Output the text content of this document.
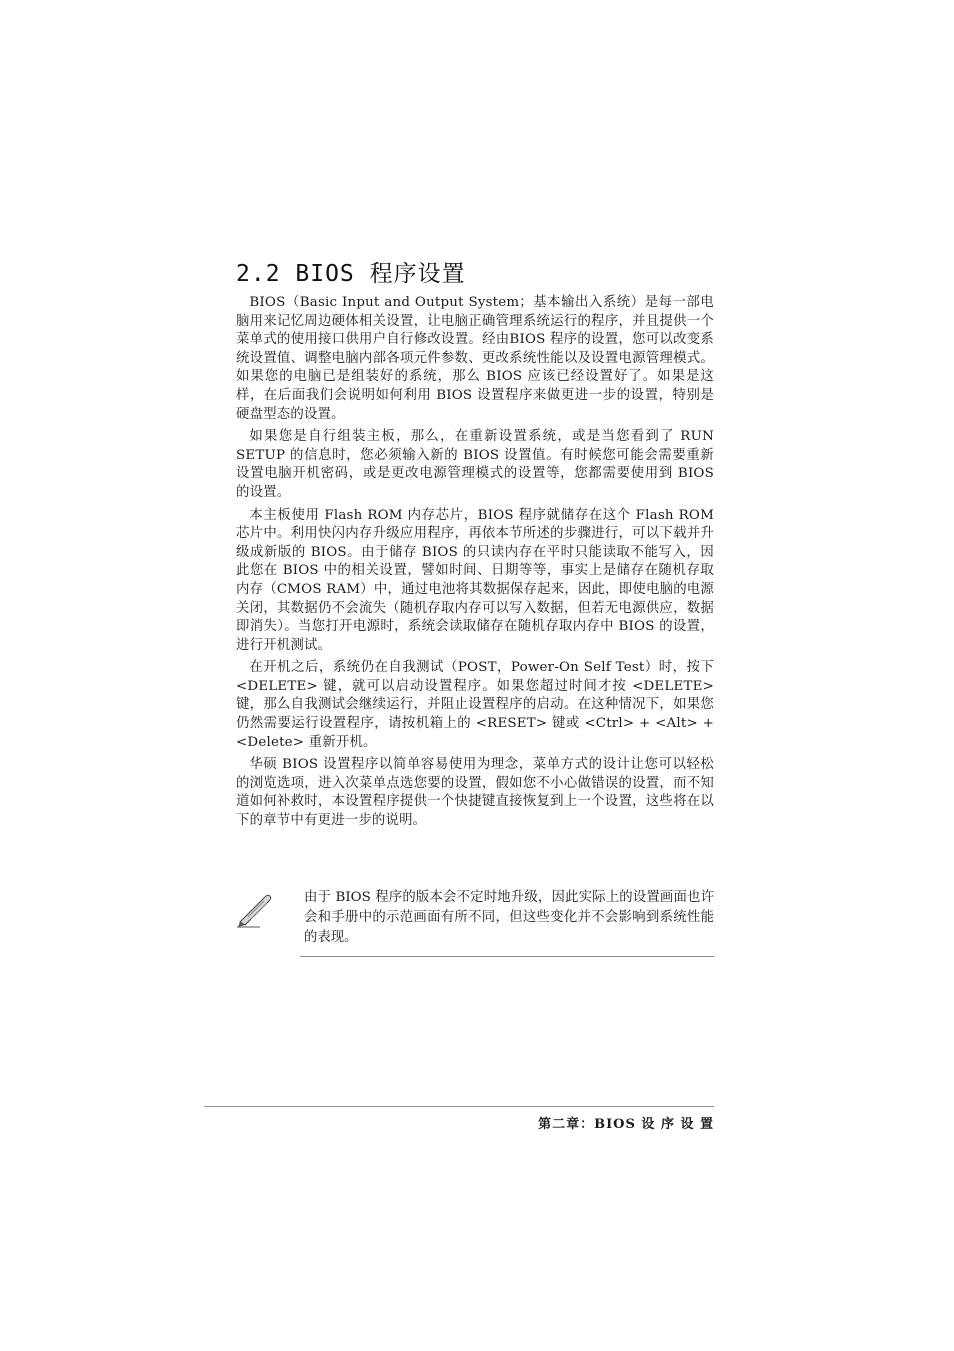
2.2 BIOS 程序设置

BIOS（Basic Input and Output System；基本输出入系统）是每一部电脑用来记忆周边硬体相关设置，让电脑正确管理系统运行的程序，并且提供一个菜单式的使用接口供用户自行修改设置。经由BIOS 程序的设置，您可以改变系统设置值、调整电脑内部各项元件参数、更改系统性能以及设置电源管理模式。如果您的电脑已是组装好的系统，那么 BIOS 应该已经设置好了。如果是这样，在后面我们会说明如何利用 BIOS 设置程序来做更进一步的设置，特别是硬盘型态的设置。

如果您是自行组装主板，那么，在重新设置系统，或是当您看到了 RUN SETUP 的信息时，您必须输入新的 BIOS 设置值。有时候您可能会需要重新设置电脑开机密码，或是更改电源管理模式的设置等，您都需要使用到 BIOS 的设置。

本主板使用 Flash ROM 内存芯片，BIOS 程序就储存在这个 Flash ROM 芯片中。利用快闪内存升级应用程序，再依本节所述的步骤进行，可以下载并升级成新版的 BIOS。由于储存 BIOS 的只读内存在平时只能读取不能写入，因此您在 BIOS 中的相关设置，譬如时间、日期等等，事实上是储存在随机存取内存（CMOS RAM）中，通过电池将其数据保存起来，因此，即使电脑的电源关闭，其数据仍不会流失（随机存取内存可以写入数据，但若无电源供应，数据即消失）。当您打开电源时，系统会读取储存在随机存取内存中 BIOS 的设置，进行开机测试。

在开机之后，系统仍在自我测试（POST，Power-On Self Test）时，按下 <DELETE> 键，就可以启动设置程序。如果您超过时间才按 <DELETE> 键，那么自我测试会继续运行，并阻止设置程序的启动。在这种情况下，如果您仍然需要运行设置程序，请按机箱上的 <RESET> 键或 <Ctrl> + <Alt> + <Delete> 重新开机。

华硕 BIOS 设置程序以简单容易使用为理念，菜单方式的设计让您可以轻松的浏览选项，进入次菜单点选您要的设置，假如您不小心做错误的设置，而不知道如何补救时，本设置程序提供一个快捷键直接恢复到上一个设置，这些将在以下的章节中有更进一步的说明。

由于 BIOS 程序的版本会不定时地升级，因此实际上的设置画面也许会和手册中的示范画面有所不同，但这些变化并不会影响到系统性能的表现。

第二章：BIOS 设 序 设 置
